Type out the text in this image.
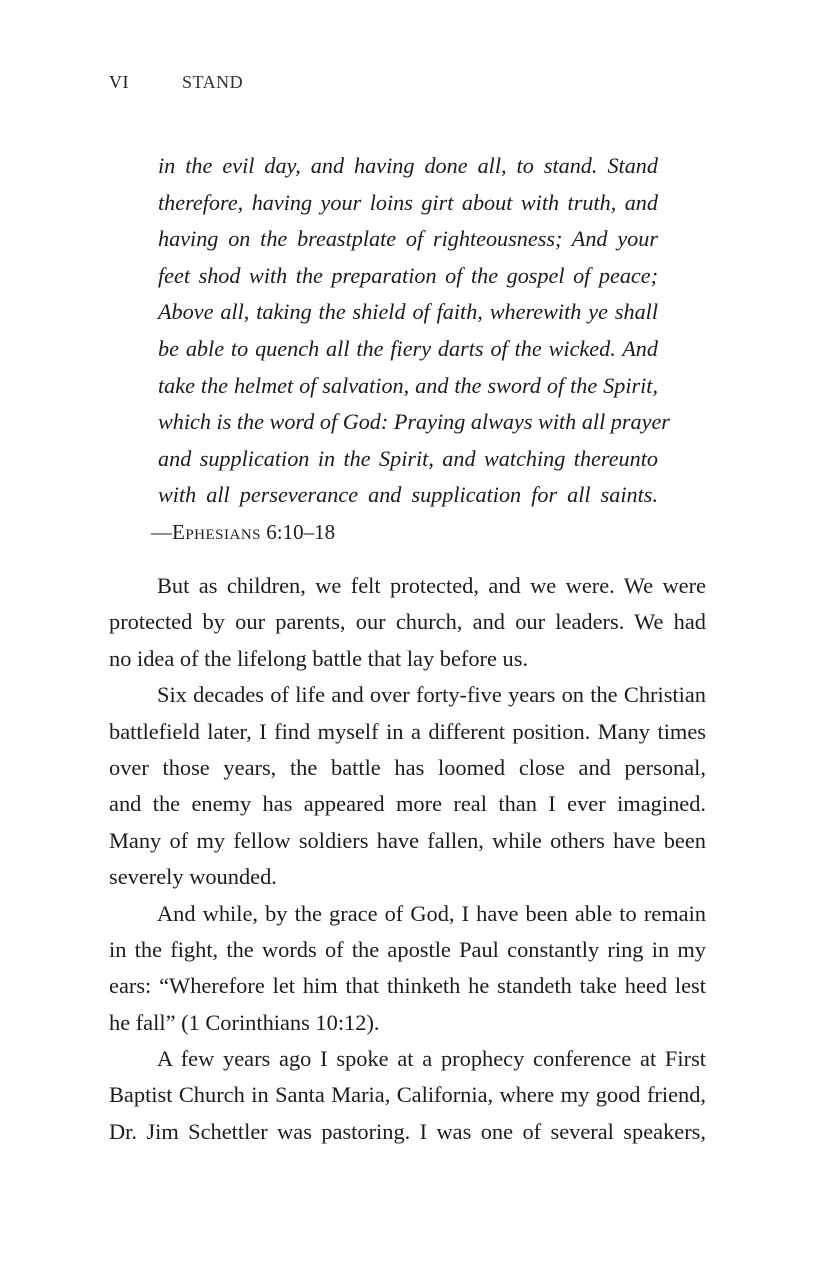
VI	STAND
in the evil day, and having done all, to stand. Stand
therefore, having your loins girt about with truth, and
having on the breastplate of righteousness; And your
feet shod with the preparation of the gospel of peace;
Above all, taking the shield of faith, wherewith ye shall
be able to quench all the fiery darts of the wicked. And
take the helmet of salvation, and the sword of the Spirit,
which is the word of God: Praying always with all prayer
and supplication in the Spirit, and watching thereunto
with all perseverance and supplication for all saints.
—Ephesians 6:10–18
But as children, we felt protected, and we were. We were
protected by our parents, our church, and our leaders. We had
no idea of the lifelong battle that lay before us.
Six decades of life and over forty-five years on the Christian
battlefield later, I find myself in a different position. Many times
over those years, the battle has loomed close and personal,
and the enemy has appeared more real than I ever imagined.
Many of my fellow soldiers have fallen, while others have been
severely wounded.
And while, by the grace of God, I have been able to remain
in the fight, the words of the apostle Paul constantly ring in my
ears: “Wherefore let him that thinketh he standeth take heed lest
he fall” (1 Corinthians 10:12).
A few years ago I spoke at a prophecy conference at First
Baptist Church in Santa Maria, California, where my good friend,
Dr. Jim Schettler was pastoring. I was one of several speakers,
